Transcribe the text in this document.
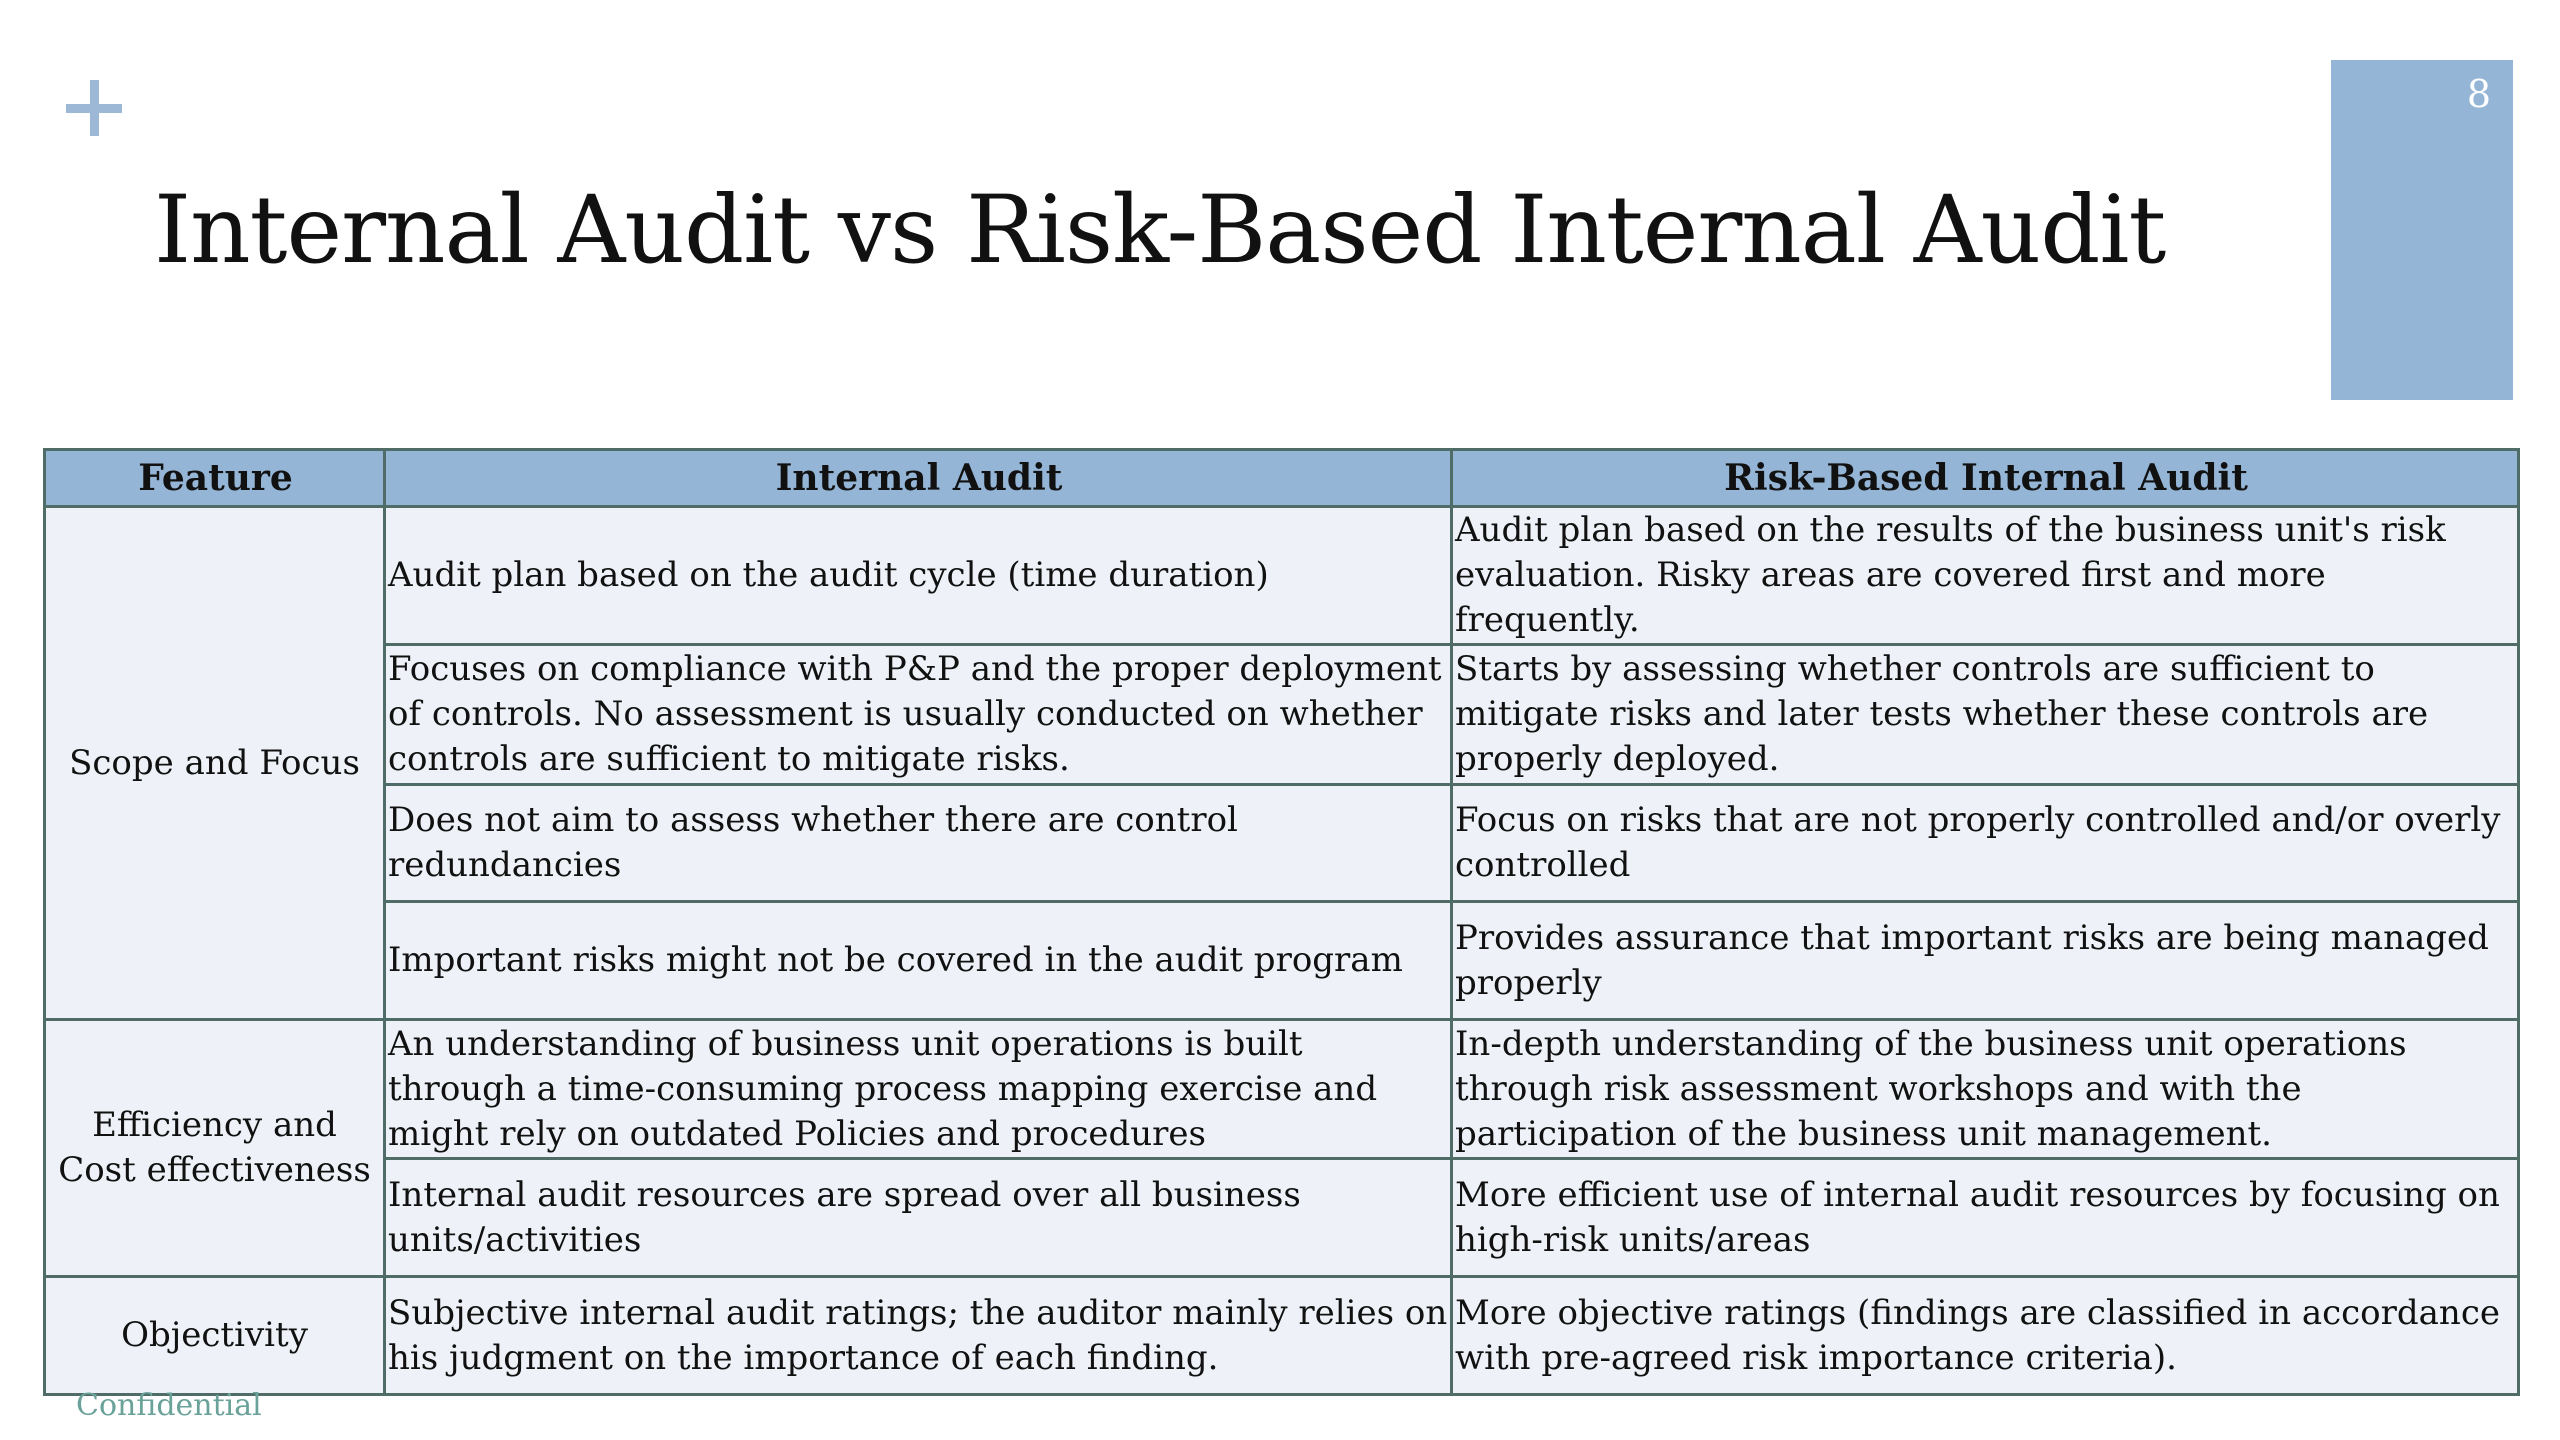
Internal Audit vs Risk-Based Internal Audit
8
Feature	Internal Audit	Risk-Based Internal Audit
Scope and Focus	Audit plan based on the audit cycle (time duration)	Audit plan based on the results of the business unit's risk evaluation. Risky areas are covered first and more frequently.
	Focuses on compliance with P&P and the proper deployment of controls. No assessment is usually conducted on whether controls are sufficient to mitigate risks.	Starts by assessing whether controls are sufficient to mitigate risks and later tests whether these controls are properly deployed.
	Does not aim to assess whether there are control redundancies	Focus on risks that are not properly controlled and/or overly controlled
	Important risks might not be covered in the audit program	Provides assurance that important risks are being managed properly
Efficiency and Cost effectiveness	An understanding of business unit operations is built through a time-consuming process mapping exercise and might rely on outdated Policies and procedures	In-depth understanding of the business unit operations through risk assessment workshops and with the participation of the business unit management.
	Internal audit resources are spread over all business units/activities	More efficient use of internal audit resources by focusing on high-risk units/areas
Objectivity	Subjective internal audit ratings; the auditor mainly relies on his judgment on the importance of each finding.	More objective ratings (findings are classified in accordance with pre-agreed risk importance criteria).
Confidential
